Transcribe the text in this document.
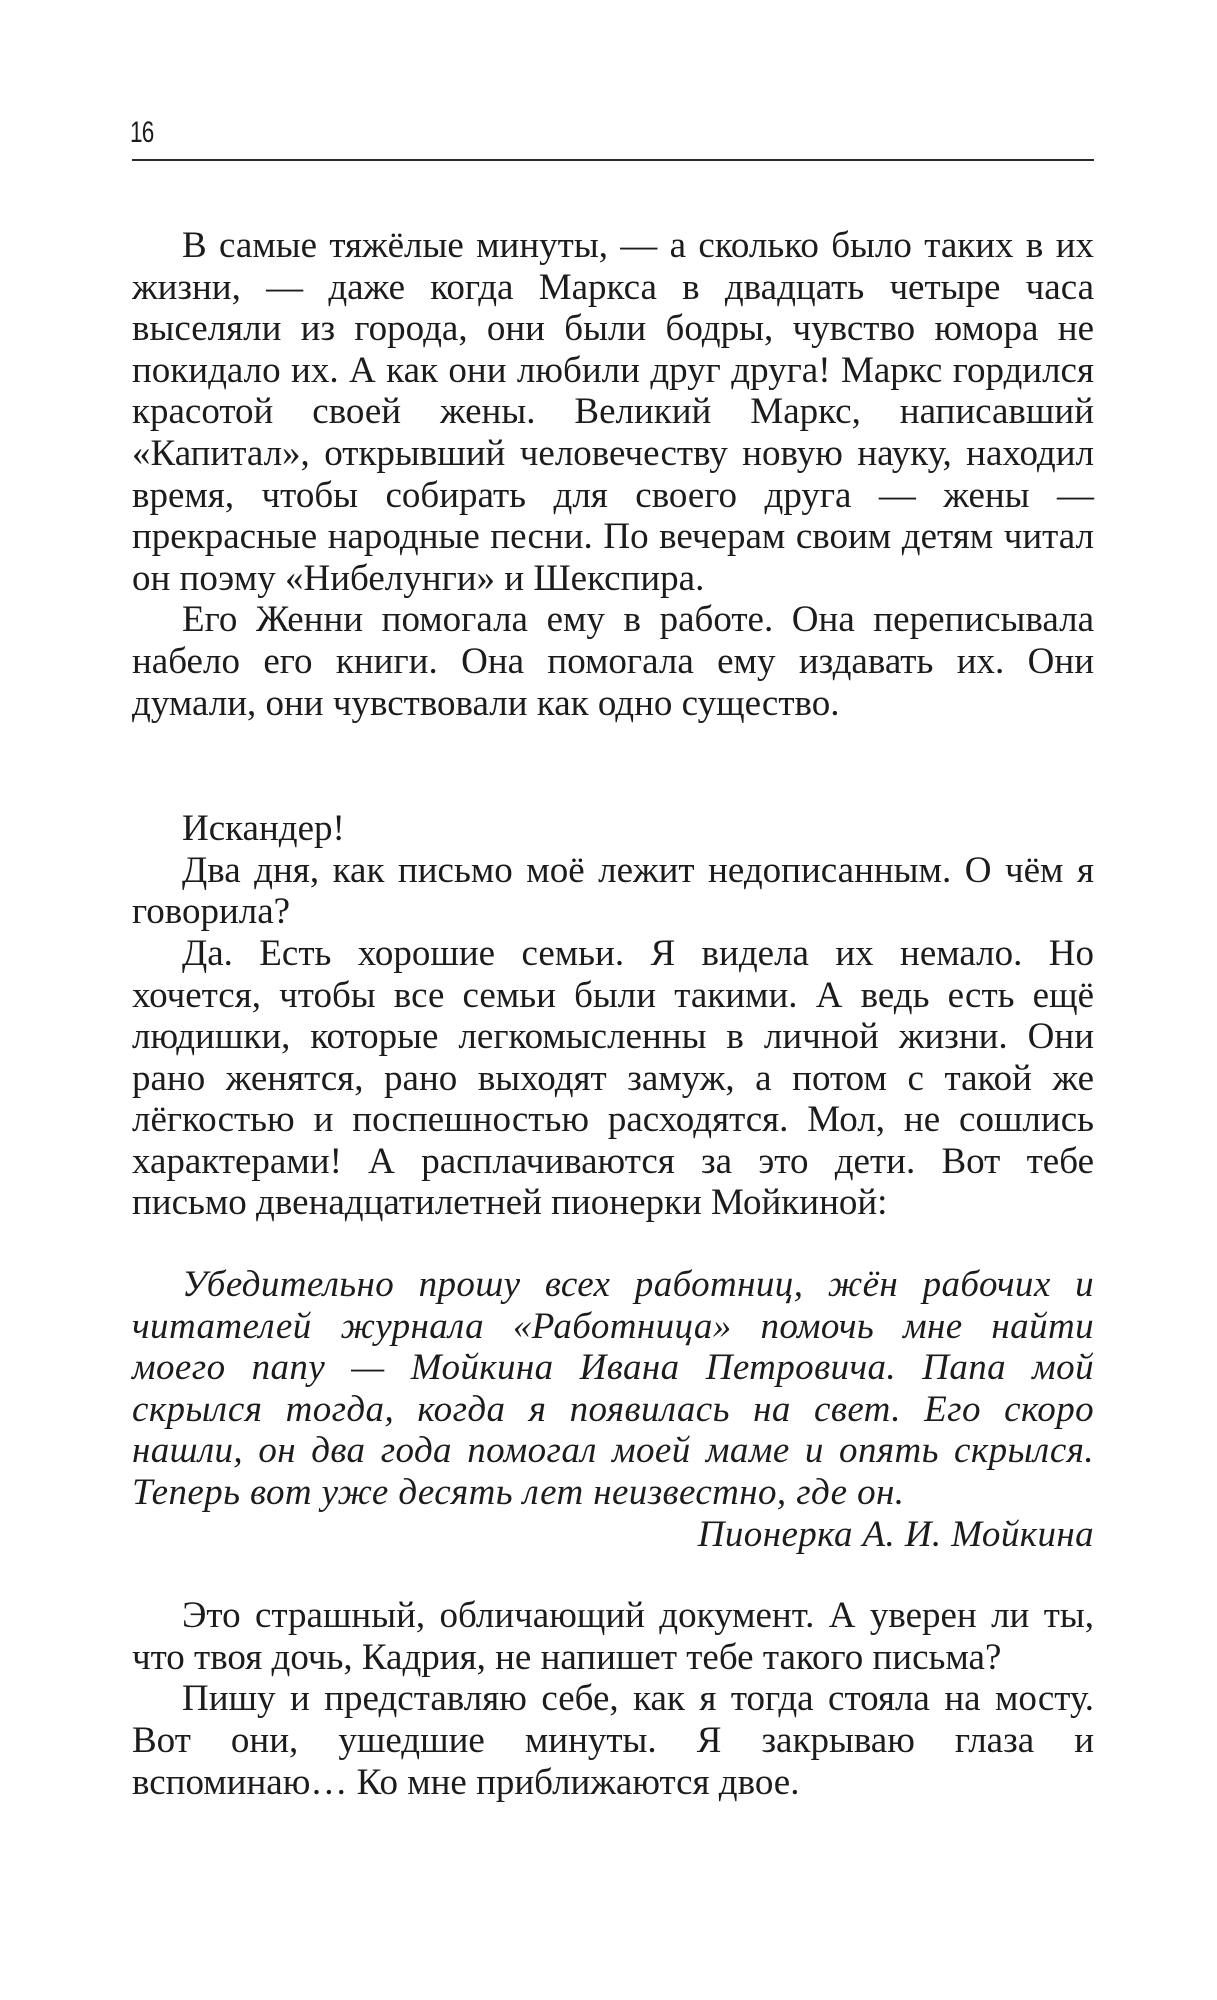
16

В самые тяжёлые минуты, — а сколько было таких в их жизни, — даже когда Маркса в двадцать четыре часа выселяли из города, они были бодры, чувство юмора не покидало их. А как они любили друг друга! Маркс гордился красотой своей жены. Великий Маркс, написавший «Капитал», открывший человечеству новую науку, находил время, чтобы собирать для своего друга — жены — прекрасные народные песни. По вечерам своим детям читал он поэму «Нибелунги» и Шекспира.

Его Женни помогала ему в работе. Она переписывала набело его книги. Она помогала ему издавать их. Они думали, они чувствовали как одно существо.

Искандер!

Два дня, как письмо моё лежит недописанным. О чём я говорила?

Да. Есть хорошие семьи. Я видела их немало. Но хочется, чтобы все семьи были такими. А ведь есть ещё людишки, которые легкомысленны в личной жизни. Они рано женятся, рано выходят замуж, а потом с такой же лёгкостью и поспешностью расходятся. Мол, не сошлись характерами! А расплачиваются за это дети. Вот тебе письмо двенадцатилетней пионерки Мойкиной:

Убедительно прошу всех работниц, жён рабочих и читателей журнала «Работница» помочь мне найти моего папу — Мойкина Ивана Петровича. Папа мой скрылся тогда, когда я появилась на свет. Его скоро нашли, он два года помогал моей маме и опять скрылся. Теперь вот уже десять лет неизвестно, где он.

Пионерка А. И. Мойкина

Это страшный, обличающий документ. А уверен ли ты, что твоя дочь, Кадрия, не напишет тебе такого письма?

Пишу и представляю себе, как я тогда стояла на мосту. Вот они, ушедшие минуты. Я закрываю глаза и вспоминаю… Ко мне приближаются двое.
